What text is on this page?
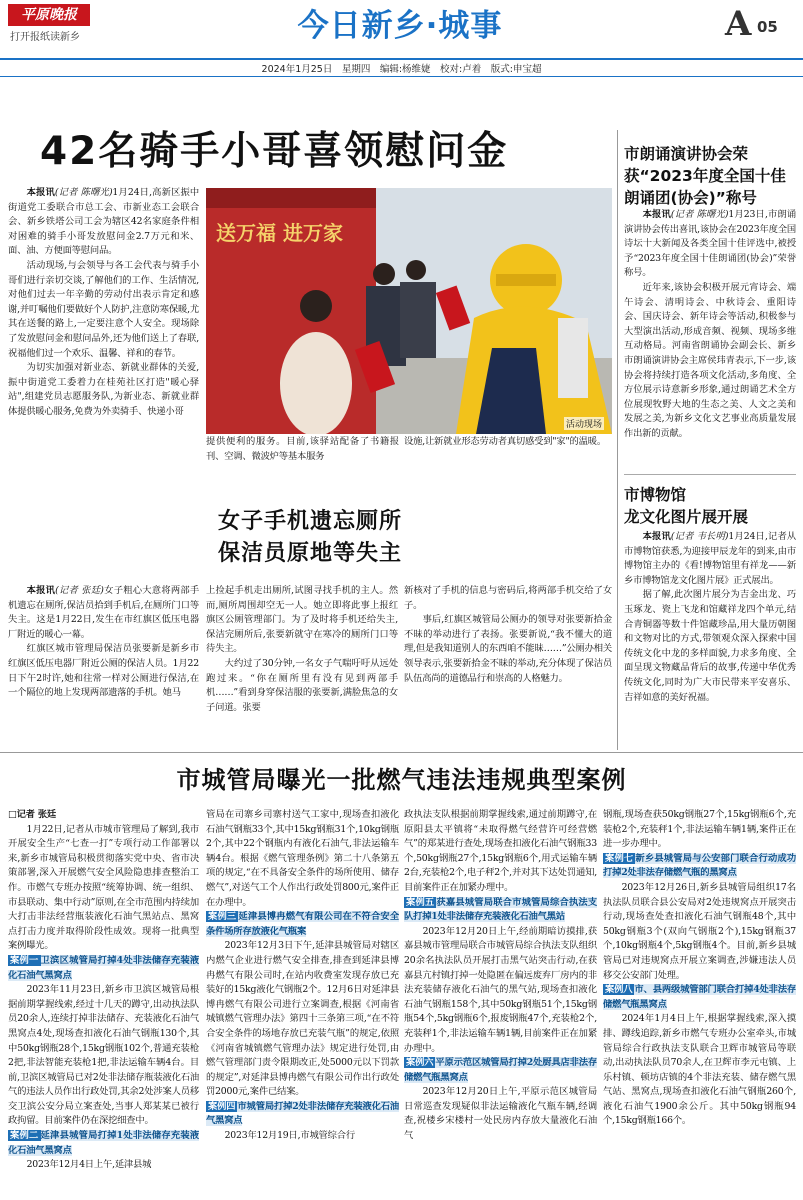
平原晚报
打开报纸读新乡	今日新乡·城事	A 05
2024年1月25日　星期四　编辑:杨维婕　校对:卢着　版式:申宝超
42名骑手小哥喜领慰问金

本报讯(记者 陈曙光)1月24日,高新区振中街道党工委联合市总工会、市新业态工会联合会、新乡铁塔公司工会为辖区42名家庭条件相对困难的骑手小哥发放慰问金2.7万元和米、面、油、方便面等慰问品。

活动现场,与会领导与各工会代表与骑手小哥们进行亲切交谈,了解他们的工作、生活情况,对他们过去一年辛勤的劳动付出表示肯定和感谢,并叮嘱他们要做好个人防护,注意防寒保暖,尤其在送餐的路上,一定要注意个人安全。现场除了发放慰问金和慰问品外,还为他们送上了春联,祝福他们过一个欢乐、温馨、祥和的春节。

为切实加强对新业态、新就业群体的关爱,振中街道党工委着力在桂苑社区打造"暖心驿站",组建党员志愿服务队,为新业态、新就业群体提供暖心服务,免费为外卖骑手、快递小哥

送万福 进万家
活动现场

提供便利的服务。目前,该驿站配备了书籍报刊、空调、微波炉等基本服务

设施,让新就业形态劳动者真切感受到"家"的温暖。

市朗诵演讲协会荣获“2023年度全国十佳朗诵团(协会)”称号

本报讯(记者 陈曙光)1月23日,市朗诵演讲协会传出喜讯,该协会在2023年度全国诗坛十大新闻及各类全国十佳评选中,被授予“2023年度全国十佳朗诵团(协会)”荣誉称号。

近年来,该协会积极开展元宵诗会、端午诗会、清明诗会、中秋诗会、重阳诗会、国庆诗会、新年诗会等活动,积极参与大型演出活动,形成音频、视频、现场多维互动格局。河南省朗诵协会副会长、新乡市朗诵演讲协会主席侯玮青表示,下一步,该协会将持续打造各项文化活动,多角度、全方位展示诗意新乡形象,通过朗诵艺术全方位展现牧野大地的生态之美、人文之美和发展之美,为新乡文化文艺事业高质量发展作出新的贡献。

市博物馆
龙文化图片展开展

本报讯(记者 韦长明)1月24日,记者从市博物馆获悉,为迎接甲辰龙年的到来,由市博物馆主办的《看!博物馆里有祥龙——新乡市博物馆龙文化图片展》正式展出。

据了解,此次图片展分为吉金出龙、巧玉琢龙、瓷上飞龙和馆藏祥龙四个单元,结合青铜器等数十件馆藏珍品,用大量历朝图和文物对比的方式,带领观众深入探索中国传统文化中龙的多样面貌,力求多角度、全面呈现文物藏品背后的故事,传递中华优秀传统文化,同时为广大市民带来平安喜乐、吉祥如意的美好祝福。

女子手机遗忘厕所
保洁员原地等失主

本报讯(记者 张廷)女子粗心大意将两部手机遗忘在厕所,保洁员拾到手机后,在厕所门口等失主。这是1月22日,发生在市红旗区低压电器厂附近的暖心一幕。

红旗区城市管理局保洁员张要新是新乡市红旗区低压电器厂附近公厕的保洁人员。1月22日下午2时许,她和往常一样对公厕进行保洁,在一个隔位的地上发现两部遗落的手机。她马

上捡起手机走出厕所,试图寻找手机的主人。然而,厕所周围却空无一人。她立即将此事上报红旗区公厕管理部门。为了及时将手机还给失主,保洁完厕所后,张要新就守在寒冷的厕所门口等待失主。

大约过了30分钟,一名女子气喘吁吁从远处跑过来。“你在厕所里有没有见到两部手机……”看到身穿保洁服的张要新,满脸焦急的女子问道。张要

新核对了手机的信息与密码后,将两部手机交给了女子。

事后,红旗区城管局公厕办的领导对张要新拾金不昧的举动进行了表扬。张要新说,“我不懂大的道理,但是我知道别人的东西咱不能昧……”公厕办相关领导表示,张要新拾金不昧的举动,充分体现了保洁员队伍高尚的道德品行和崇高的人格魅力。

市城管局曝光一批燃气违法违规典型案例

□记者 张廷

1月22日,记者从市城市管理局了解到,我市开展安全生产“七查一打”专项行动工作部署以来,新乡市城管局积极贯彻落实党中央、省市决策部署,深入开展燃气安全风险隐患排查整治工作。市燃气专班办按照“统筹协调、统一组织、市县联动、集中行动”原则,在全市范围内持续加大打击非法经营瓶装液化石油气黑站点、黑窝点打击力度并取得阶段性成效。现将一批典型案例曝光。

案例一 卫滨区城管局打掉4处非法储存充装液化石油气黑窝点

2023年11月23日,新乡市卫滨区城管局根据前期掌握线索,经过十几天的蹲守,出动执法队员20余人,连续打掉非法储存、充装液化石油气黑窝点4处,现场查扣液化石油气钢瓶130个,其中50kg钢瓶28个,15kg钢瓶102个,普通充装枪2把,非法智能充装枪1把,非法运输车辆4台。目前,卫滨区城管局已对2处非法储存瓶装液化石油气的违法人员作出行政处罚,其余2处涉案人员移交卫滨公安分局立案查处,当事人郑某某已被行政拘留。目前案件仍在深挖细查中。

案例二 延津县城管局打掉1处非法储存充装液化石油气黑窝点

2023年12月4日上午,延津县城

管局在司寨乡司寨村送气工家中,现场查扣液化石油气钢瓶33个,其中15kg钢瓶31个,10kg钢瓶2个,其中22个钢瓶内有液化石油气,非法运输车辆4台。根据《燃气管理条例》第二十八条第五项的规定,“在不具备安全条件的场所使用、储存燃气”,对送气工个人作出行政处罚800元,案件正在办理中。

案例三 延津县博冉燃气有限公司在不符合安全条件场所存放液化气瓶案

2023年12月3日下午,延津县城管局对辖区内燃气企业进行燃气安全排查,排查到延津县博冉燃气有限公司时,在站内收费室发现存放已充装好的15kg液化气钢瓶2个。12月6日对延津县博冉燃气有限公司进行立案调查,根据《河南省城镇燃气管理办法》第四十三条第三项,“在不符合安全条件的场地存放已充装气瓶”的规定,依照《河南省城镇燃气管理办法》规定进行处罚,由燃气管理部门责令限期改正,处5000元以下罚款的规定”,对延津县博冉燃气有限公司作出行政处罚2000元,案件已结案。

案例四 市城管局打掉2处非法储存充装液化石油气黑窝点

2023年12月19日,市城管综合行

政执法支队根据前期掌握线索,通过前期蹲守,在原阳县太平镇将“未取得燃气经营许可经营燃气”的郑某进行查处,现场查扣液化石油气钢瓶33个,50kg钢瓶27个,15kg钢瓶6个,用式运输车辆2台,充装枪2个,电子秤2个,并对其下达处罚通知,目前案件正在加紧办理中。

案例五 获嘉县城管局联合市城管局综合执法支队打掉1处非法储存充装液化石油气黑站

2023年12月20日上午,经前期暗访摸排,获嘉县城市管理局联合市城管局综合执法支队组织20余名执法队员开展打击黑气站突击行动,在获嘉县亢村镇打掉一处隐匿在偏远废弃厂房内的非法充装储存液化石油气的黑气站,现场查扣液化石油气钢瓶158个,其中50kg钢瓶51个,15kg钢瓶54个,5kg钢瓶6个,报废钢瓶47个,充装枪2个,充装秤1个,非法运输车辆1辆,目前案件正在加紧办理中。

案例六 平原示范区城管局打掉2处厨具店非法存储燃气瓶黑窝点

2023年12月20日上午,平原示范区城管局日常巡查发现疑似非法运输液化气瓶车辆,经调查,祝楼乡宋楼村一处民房内存放大量液化石油气

钢瓶,现场查获50kg钢瓶27个,15kg钢瓶6个,充装枪2个,充装秤1个,非法运输车辆1辆,案件正在进一步办理中。

案例七 新乡县城管局与公安部门联合行动成功打掉2处非法存储燃气瓶的黑窝点

2023年12月26日,新乡县城管局组织17名执法队员联合县公安局对2处违规窝点开展突击行动,现场查处查扣液化石油气钢瓶48个,其中50kg钢瓶3个(双向气钢瓶2个),15kg钢瓶37个,10kg钢瓶4个,5kg钢瓶4个。目前,新乡县城管局已对违规窝点开展立案调查,涉嫌违法人员移交公安部门处理。

案例八 市、县两级城管部门联合打掉4处非法存储燃气瓶黑窝点

2024年1月4日上午,根据掌握线索,深入摸排、蹲线追踪,新乡市燃气专班办公室牵头,市城管局综合行政执法支队联合卫辉市城管局等联动,出动执法队员70余人,在卫辉市李元屯镇、上乐村镇、顿坊店镇的4个非法充装、储存燃气黑气站、黑窝点,现场查扣液化石油气钢瓶260个,液化石油气1900余公斤。其中50kg钢瓶94个,15kg钢瓶166个。
